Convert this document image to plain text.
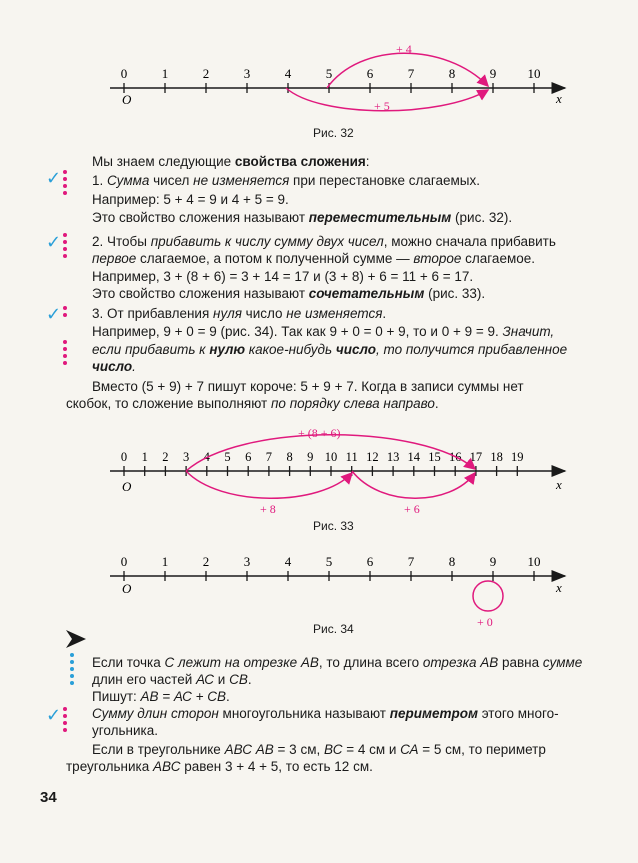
0	1	2	3	4	5	6	7	8	9 10
O	x
+ 4
+ 5
Рис. 32
Мы знаем следующие свойства сложения:
✓ 1. Сумма чисел не изменяется при перестановке слагаемых.
Например: 5 + 4 = 9 и 4 + 5 = 9.
Это свойство сложения называют переместительным (рис. 32).
✓ 2. Чтобы прибавить к числу сумму двух чисел, можно сначала прибавить
первое слагаемое, а потом к полученной сумме — второе слагаемое.
Например, 3 + (8 + 6) = 3 + 14 = 17 и (3 + 8) + 6 = 11 + 6 = 17.
Это свойство сложения называют сочетательным (рис. 33).
✓ 3. От прибавления нуля число не изменяется.
Например, 9 + 0 = 9 (рис. 34). Так как 9 + 0 = 0 + 9, то и 0 + 9 = 9. Значит,
если прибавить к нулю какое-нибудь число, то получится прибавленное
число.
Вместо (5 + 9) + 7 пишут короче: 5 + 9 + 7. Когда в записи суммы нет
скобок, то сложение выполняют по порядку слева направо.
0 1 2 3 4 5 6 7 8 9 10 11 12 13 14 15 16 17 18 19
O	x
+ (8 + 6)
+ 8	+ 6
Рис. 33
0	1	2	3	4	5	6	7	8	9 10
O	x
+ 0
Рис. 34
Если точка С лежит на отрезке АВ, то длина всего отрезка АВ равна сумме
длин его частей АС и СВ.
Пишут: АВ = АС + СВ.
✓ Сумму длин сторон многоугольника называют периметром этого много-
угольника.
Если в треугольнике АВС АВ = 3 см, ВС = 4 см и СА = 5 см, то периметр
треугольника АВС равен 3 + 4 + 5, то есть 12 см.
34
